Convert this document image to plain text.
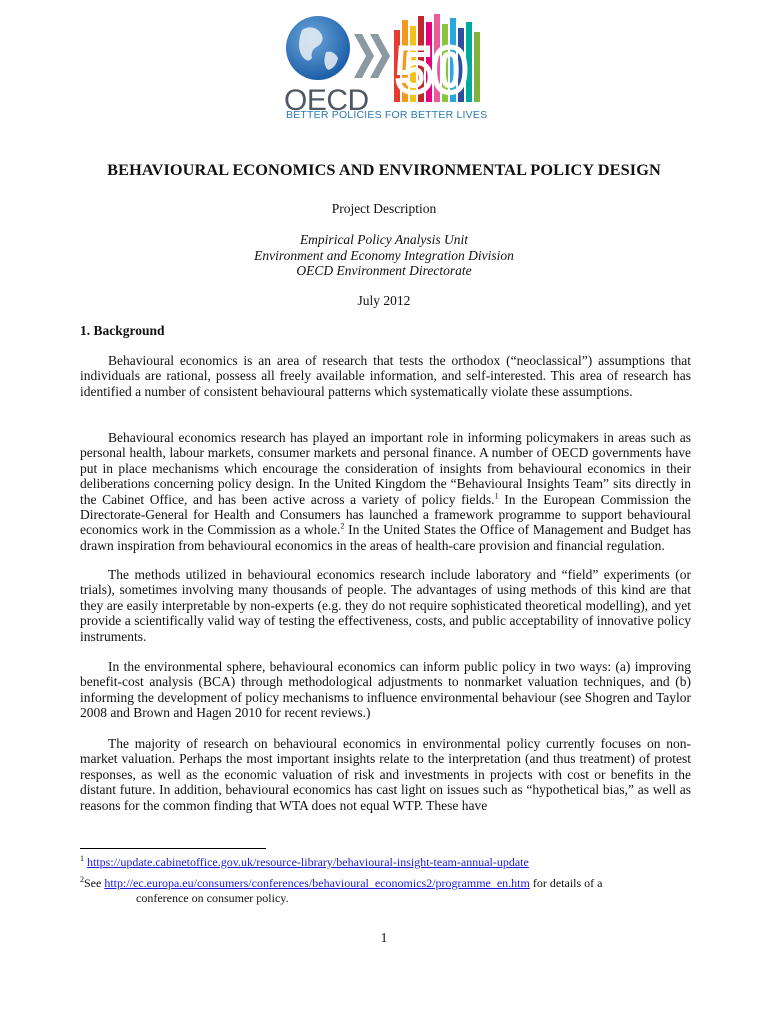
50
OECD
BETTER POLICIES FOR BETTER LIVES
BEHAVIOURAL ECONOMICS AND ENVIRONMENTAL POLICY DESIGN
Project Description
Empirical Policy Analysis Unit
Environment and Economy Integration Division
OECD Environment Directorate
July 2012
1. Background

Behavioural economics is an area of research that tests the orthodox (“neoclassical”) assumptions that individuals are rational, possess all freely available information, and self-interested. This area of research has identified a number of consistent behavioural patterns which systematically violate these assumptions.

Behavioural economics research has played an important role in informing policymakers in areas such as personal health, labour markets, consumer markets and personal finance. A number of OECD governments have put in place mechanisms which encourage the consideration of insights from behavioural economics in their deliberations concerning policy design. In the United Kingdom the “Behavioural Insights Team” sits directly in the Cabinet Office, and has been active across a variety of policy fields.$^1$ In the European Commission the Directorate-General for Health and Consumers has launched a framework programme to support behavioural economics work in the Commission as a whole.$^2$ In the United States the Office of Management and Budget has drawn inspiration from behavioural economics in the areas of health-care provision and financial regulation.

The methods utilized in behavioural economics research include laboratory and “field” experiments (or trials), sometimes involving many thousands of people. The advantages of using methods of this kind are that they are easily interpretable by non-experts (e.g. they do not require sophisticated theoretical modelling), and yet provide a scientifically valid way of testing the effectiveness, costs, and public acceptability of innovative policy instruments.

In the environmental sphere, behavioural economics can inform public policy in two ways: (a) improving benefit-cost analysis (BCA) through methodological adjustments to nonmarket valuation techniques, and (b) informing the development of policy mechanisms to influence environmental behaviour (see Shogren and Taylor 2008 and Brown and Hagen 2010 for recent reviews.)

The majority of research on behavioural economics in environmental policy currently focuses on non-market valuation. Perhaps the most important insights relate to the interpretation (and thus treatment) of protest responses, as well as the economic valuation of risk and investments in projects with cost or benefits in the distant future. In addition, behavioural economics has cast light on issues such as “hypothetical bias,” as well as reasons for the common finding that WTA does not equal WTP. These have

$^1$ https://update.cabinetoffice.gov.uk/resource-library/behavioural-insight-team-annual-update
$^2$See http://ec.europa.eu/consumers/conferences/behavioural_economics2/programme_en.htm for details of a
conference on consumer policy.
1
